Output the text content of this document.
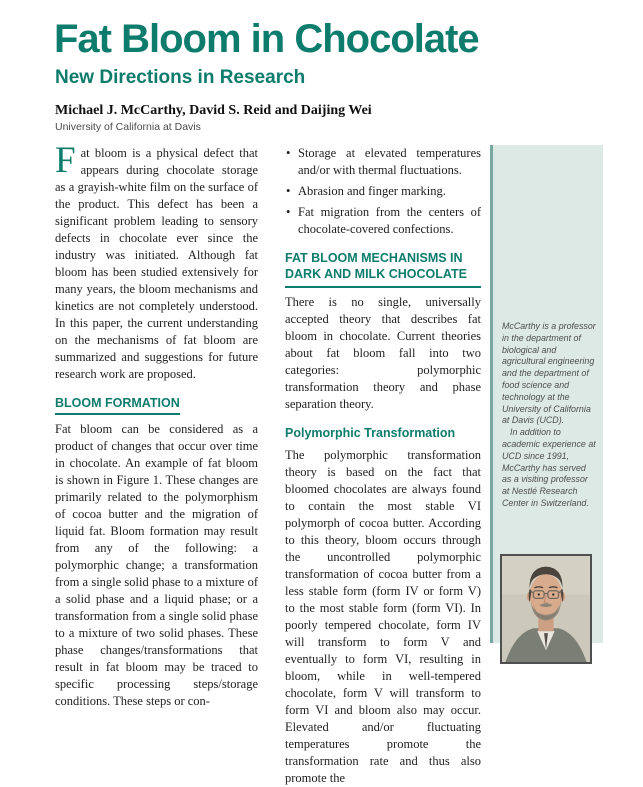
Fat Bloom in Chocolate
New Directions in Research
Michael J. McCarthy, David S. Reid and Daijing Wei
University of California at Davis

Fat bloom is a physical defect that appears during chocolate storage as a grayish-white film on the surface of the product. This defect has been a significant problem leading to sensory defects in chocolate ever since the industry was initiated. Although fat bloom has been studied extensively for many years, the bloom mechanisms and kinetics are not completely understood. In this paper, the current understanding on the mechanisms of fat bloom are summarized and suggestions for future research work are proposed.

BLOOM FORMATION

Fat bloom can be considered as a product of changes that occur over time in chocolate. An example of fat bloom is shown in Figure 1. These changes are primarily related to the polymorphism of cocoa butter and the migration of liquid fat. Bloom formation may result from any of the following: a polymorphic change; a transformation from a single solid phase to a mixture of a solid phase and a liquid phase; or a transformation from a single solid phase to a mixture of two solid phases. These phase changes/transformations that result in fat bloom may be traced to specific processing steps/storage conditions. These steps or con-

• Storage at elevated temperatures and/or with thermal fluctuations.
• Abrasion and finger marking.
• Fat migration from the centers of chocolate-covered confections.
FAT BLOOM MECHANISMS IN DARK AND MILK CHOCOLATE

There is no single, universally accepted theory that describes fat bloom in chocolate. Current theories about fat bloom fall into two categories: polymorphic transformation theory and phase separation theory.

Polymorphic Transformation

The polymorphic transformation theory is based on the fact that bloomed chocolates are always found to contain the most stable VI polymorph of cocoa butter. According to this theory, bloom occurs through the uncontrolled polymorphic transformation of cocoa butter from a less stable form (form IV or form V) to the most stable form (form VI). In poorly tempered chocolate, form IV will transform to form V and eventually to form VI, resulting in bloom, while in well-tempered chocolate, form V will transform to form VI and bloom also may occur. Elevated and/or fluctuating temperatures promote the transformation rate and thus also promote the

McCarthy is a professor in the department of biological and agricultural engineering and the department of food science and technology at the University of California at Davis (UCD).

In addition to academic experience at UCD since 1991, McCarthy has served as a visiting professor at Nestlé Research Center in Switzerland.
